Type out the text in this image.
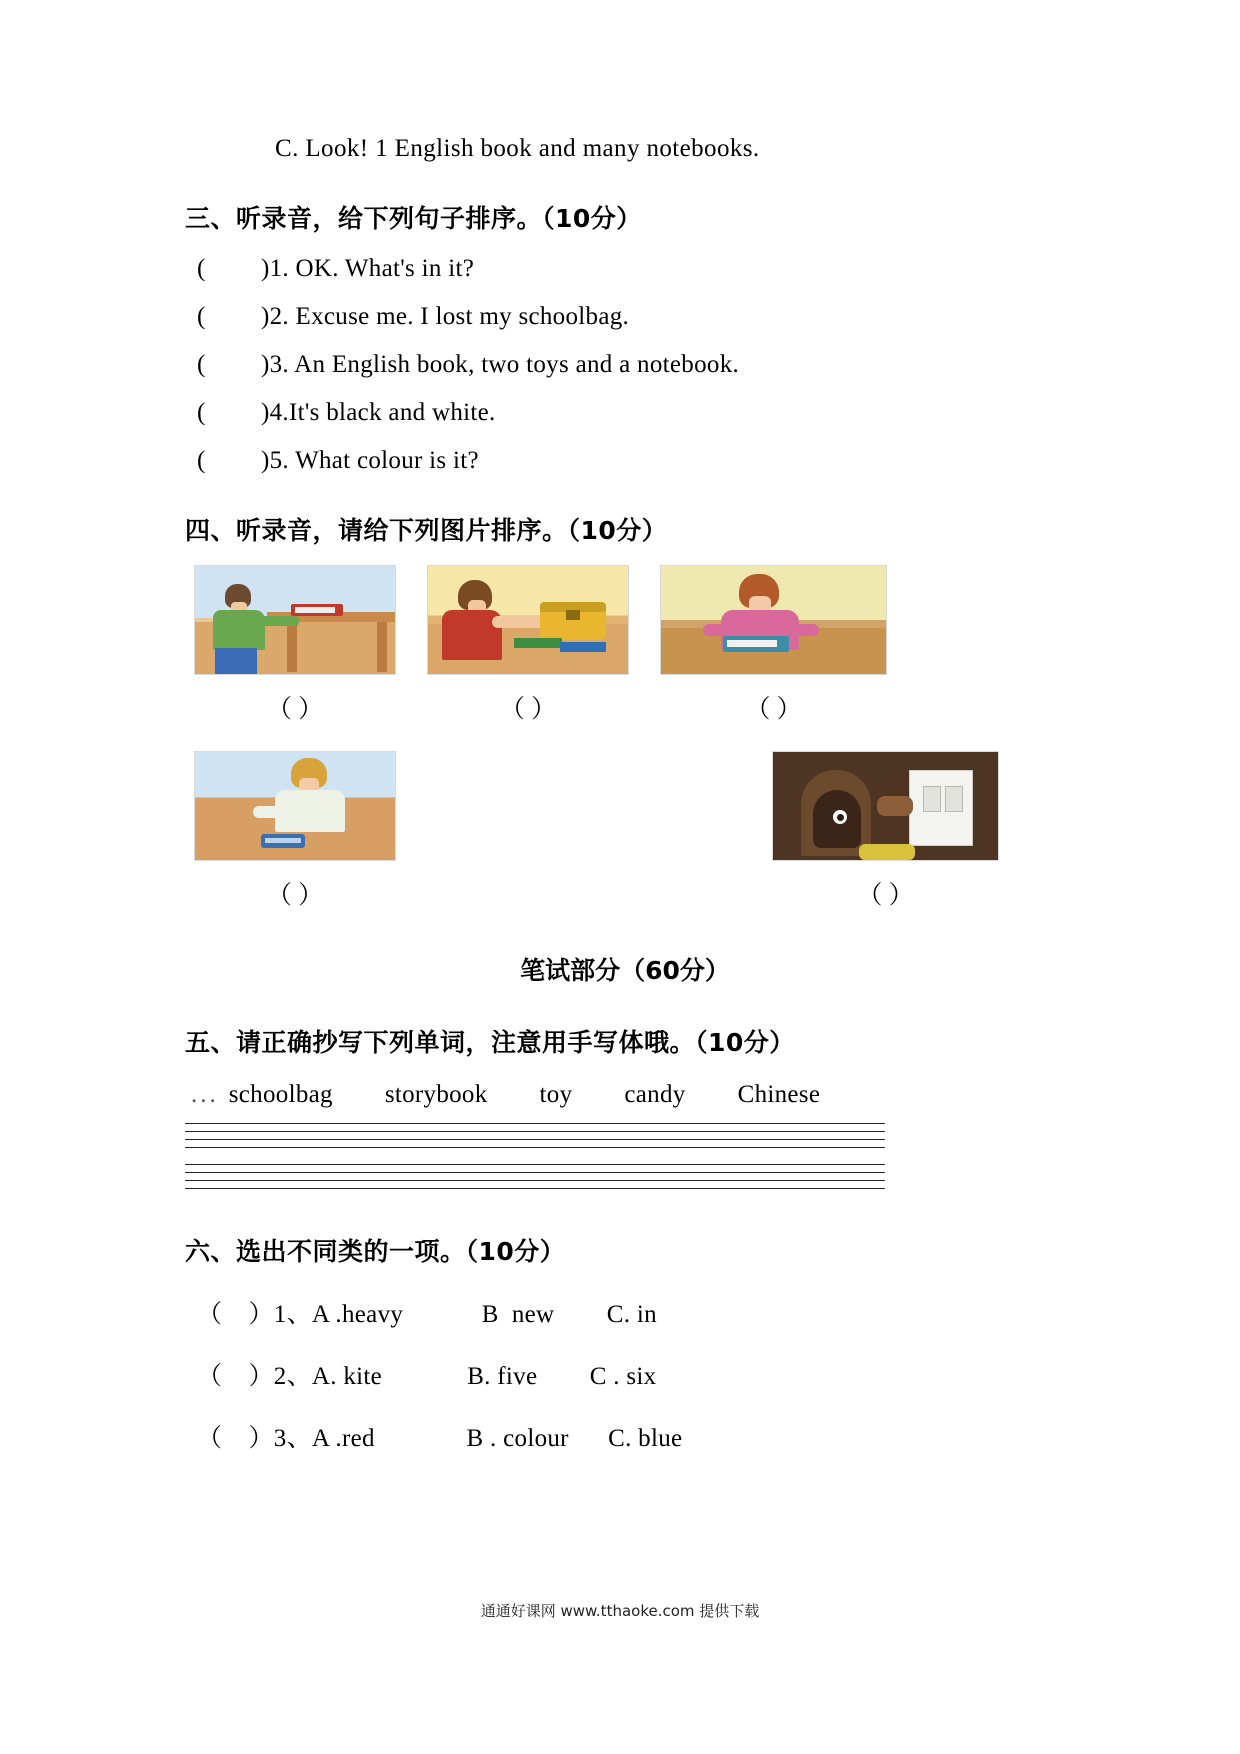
C. Look! 1 English book and many notebooks.
三、听录音，给下列句子排序。（10分）
( )1. OK. What's in it?
( )2. Excuse me. I lost my schoolbag.
( )3. An English book, two toys and a notebook.
( )4.It's black and white.
( )5. What colour is it?
四、听录音，请给下列图片排序。（10分）
（ ）	（ ）	（ ）
（ ）	（ ）
笔试部分（60分）
五、请正确抄写下列单词，注意用手写体哦。（10分）
... schoolbag storybook toy candy Chinese
六、选出不同类的一项。（10分）
（    ）1、A .heavy            B  new        C. in
（    ）2、A. kite             B. five        C . six
（    ）3、A .red              B . colour      C. blue
通通好课网 www.tthaoke.com 提供下载
